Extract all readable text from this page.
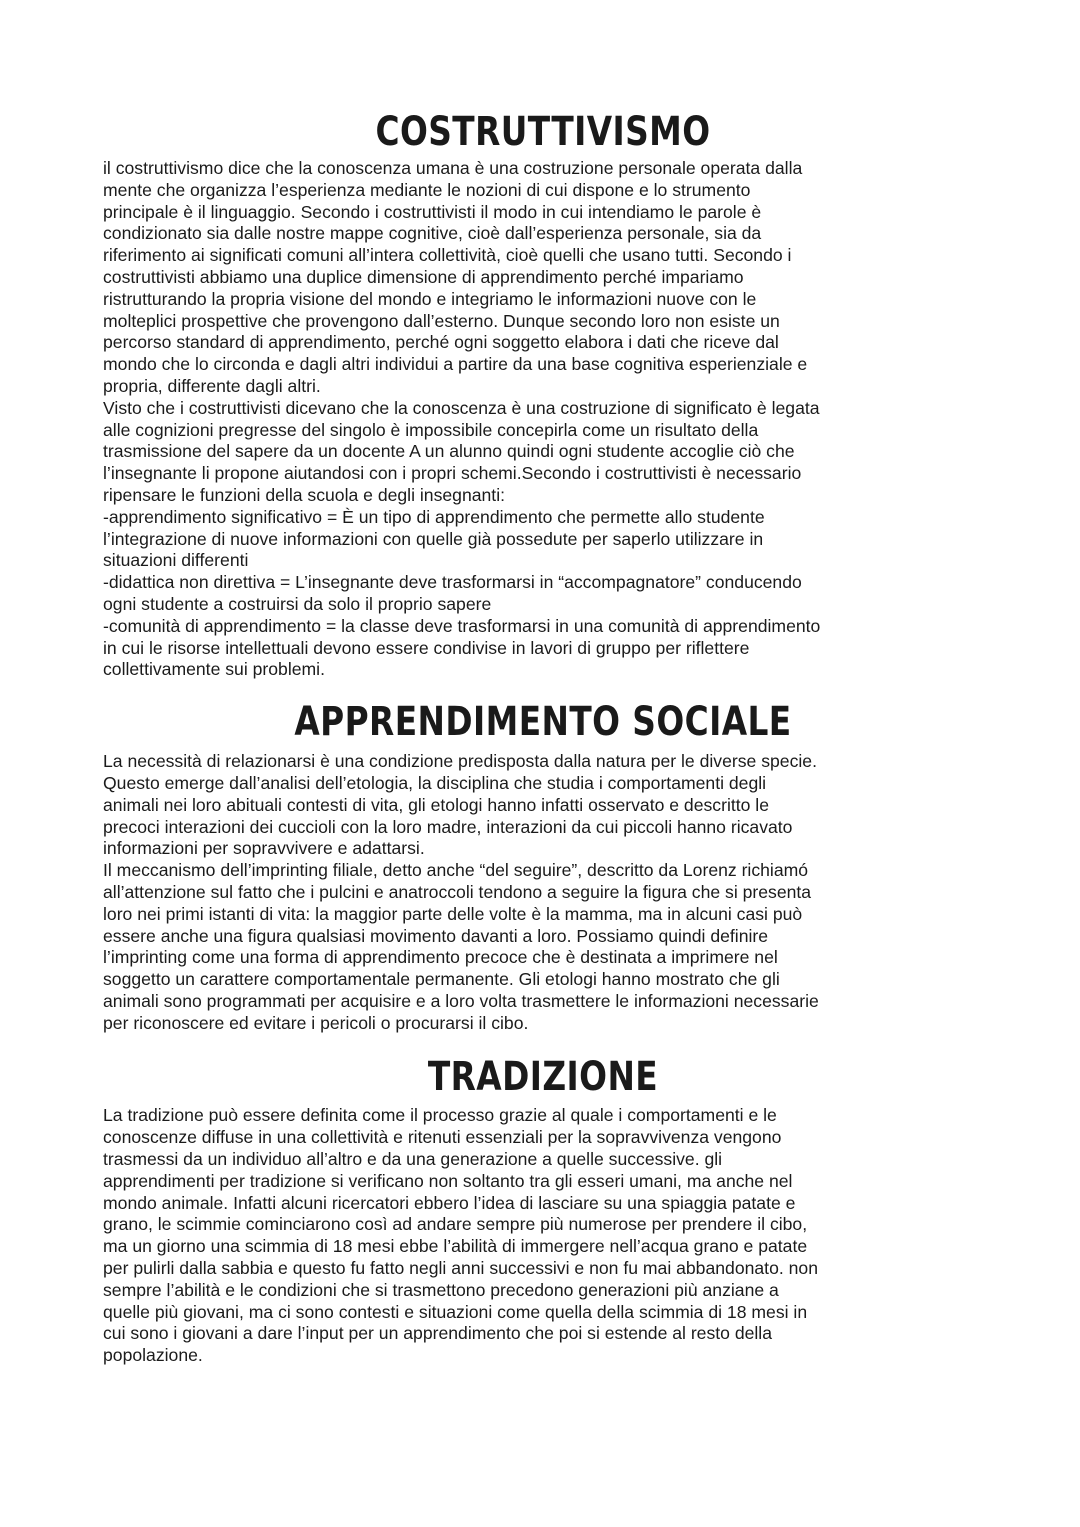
COSTRUTTIVISMO

il costruttivismo dice che la conoscenza umana è una costruzione personale operata dalla
mente che organizza l’esperienza mediante le nozioni di cui dispone e lo strumento
principale è il linguaggio. Secondo i costruttivisti il modo in cui intendiamo le parole è
condizionato sia dalle nostre mappe cognitive, cioè dall’esperienza personale, sia da
riferimento ai significati comuni all’intera collettività, cioè quelli che usano tutti. Secondo i
costruttivisti abbiamo una duplice dimensione di apprendimento perché impariamo
ristrutturando la propria visione del mondo e integriamo le informazioni nuove con le
molteplici prospettive che provengono dall’esterno. Dunque secondo loro non esiste un
percorso standard di apprendimento, perché ogni soggetto elabora i dati che riceve dal
mondo che lo circonda e dagli altri individui a partire da una base cognitiva esperienziale e
propria, differente dagli altri.

Visto che i costruttivisti dicevano che la conoscenza è una costruzione di significato è legata
alle cognizioni pregresse del singolo è impossibile concepirla come un risultato della
trasmissione del sapere da un docente A un alunno quindi ogni studente accoglie ciò che
l’insegnante li propone aiutandosi con i propri schemi.Secondo i costruttivisti è necessario
ripensare le funzioni della scuola e degli insegnanti:

-apprendimento significativo = È un tipo di apprendimento che permette allo studente
l’integrazione di nuove informazioni con quelle già possedute per saperlo utilizzare in
situazioni differenti

-didattica non direttiva = L’insegnante deve trasformarsi in “accompagnatore” conducendo
ogni studente a costruirsi da solo il proprio sapere

-comunità di apprendimento = la classe deve trasformarsi in una comunità di apprendimento
in cui le risorse intellettuali devono essere condivise in lavori di gruppo per riflettere
collettivamente sui problemi.

APPRENDIMENTO SOCIALE

La necessità di relazionarsi è una condizione predisposta dalla natura per le diverse specie.
Questo emerge dall’analisi dell’etologia, la disciplina che studia i comportamenti degli
animali nei loro abituali contesti di vita, gli etologi hanno infatti osservato e descritto le
precoci interazioni dei cuccioli con la loro madre, interazioni da cui piccoli hanno ricavato
informazioni per sopravvivere e adattarsi.

Il meccanismo dell’imprinting filiale, detto anche “del seguire”, descritto da Lorenz richiamó
all’attenzione sul fatto che i pulcini e anatroccoli tendono a seguire la figura che si presenta
loro nei primi istanti di vita: la maggior parte delle volte è la mamma, ma in alcuni casi può
essere anche una figura qualsiasi movimento davanti a loro. Possiamo quindi definire
l’imprinting come una forma di apprendimento precoce che è destinata a imprimere nel
soggetto un carattere comportamentale permanente. Gli etologi hanno mostrato che gli
animali sono programmati per acquisire e a loro volta trasmettere le informazioni necessarie
per riconoscere ed evitare i pericoli o procurarsi il cibo.

TRADIZIONE

La tradizione può essere definita come il processo grazie al quale i comportamenti e le
conoscenze diffuse in una collettività e ritenuti essenziali per la sopravvivenza vengono
trasmessi da un individuo all’altro e da una generazione a quelle successive. gli
apprendimenti per tradizione si verificano non soltanto tra gli esseri umani, ma anche nel
mondo animale. Infatti alcuni ricercatori ebbero l’idea di lasciare su una spiaggia patate e
grano, le scimmie cominciarono così ad andare sempre più numerose per prendere il cibo,
ma un giorno una scimmia di 18 mesi ebbe l’abilità di immergere nell’acqua grano e patate
per pulirli dalla sabbia e questo fu fatto negli anni successivi e non fu mai abbandonato. non
sempre l’abilità e le condizioni che si trasmettono precedono generazioni più anziane a
quelle più giovani, ma ci sono contesti e situazioni come quella della scimmia di 18 mesi in
cui sono i giovani a dare l’input per un apprendimento che poi si estende al resto della
popolazione.
